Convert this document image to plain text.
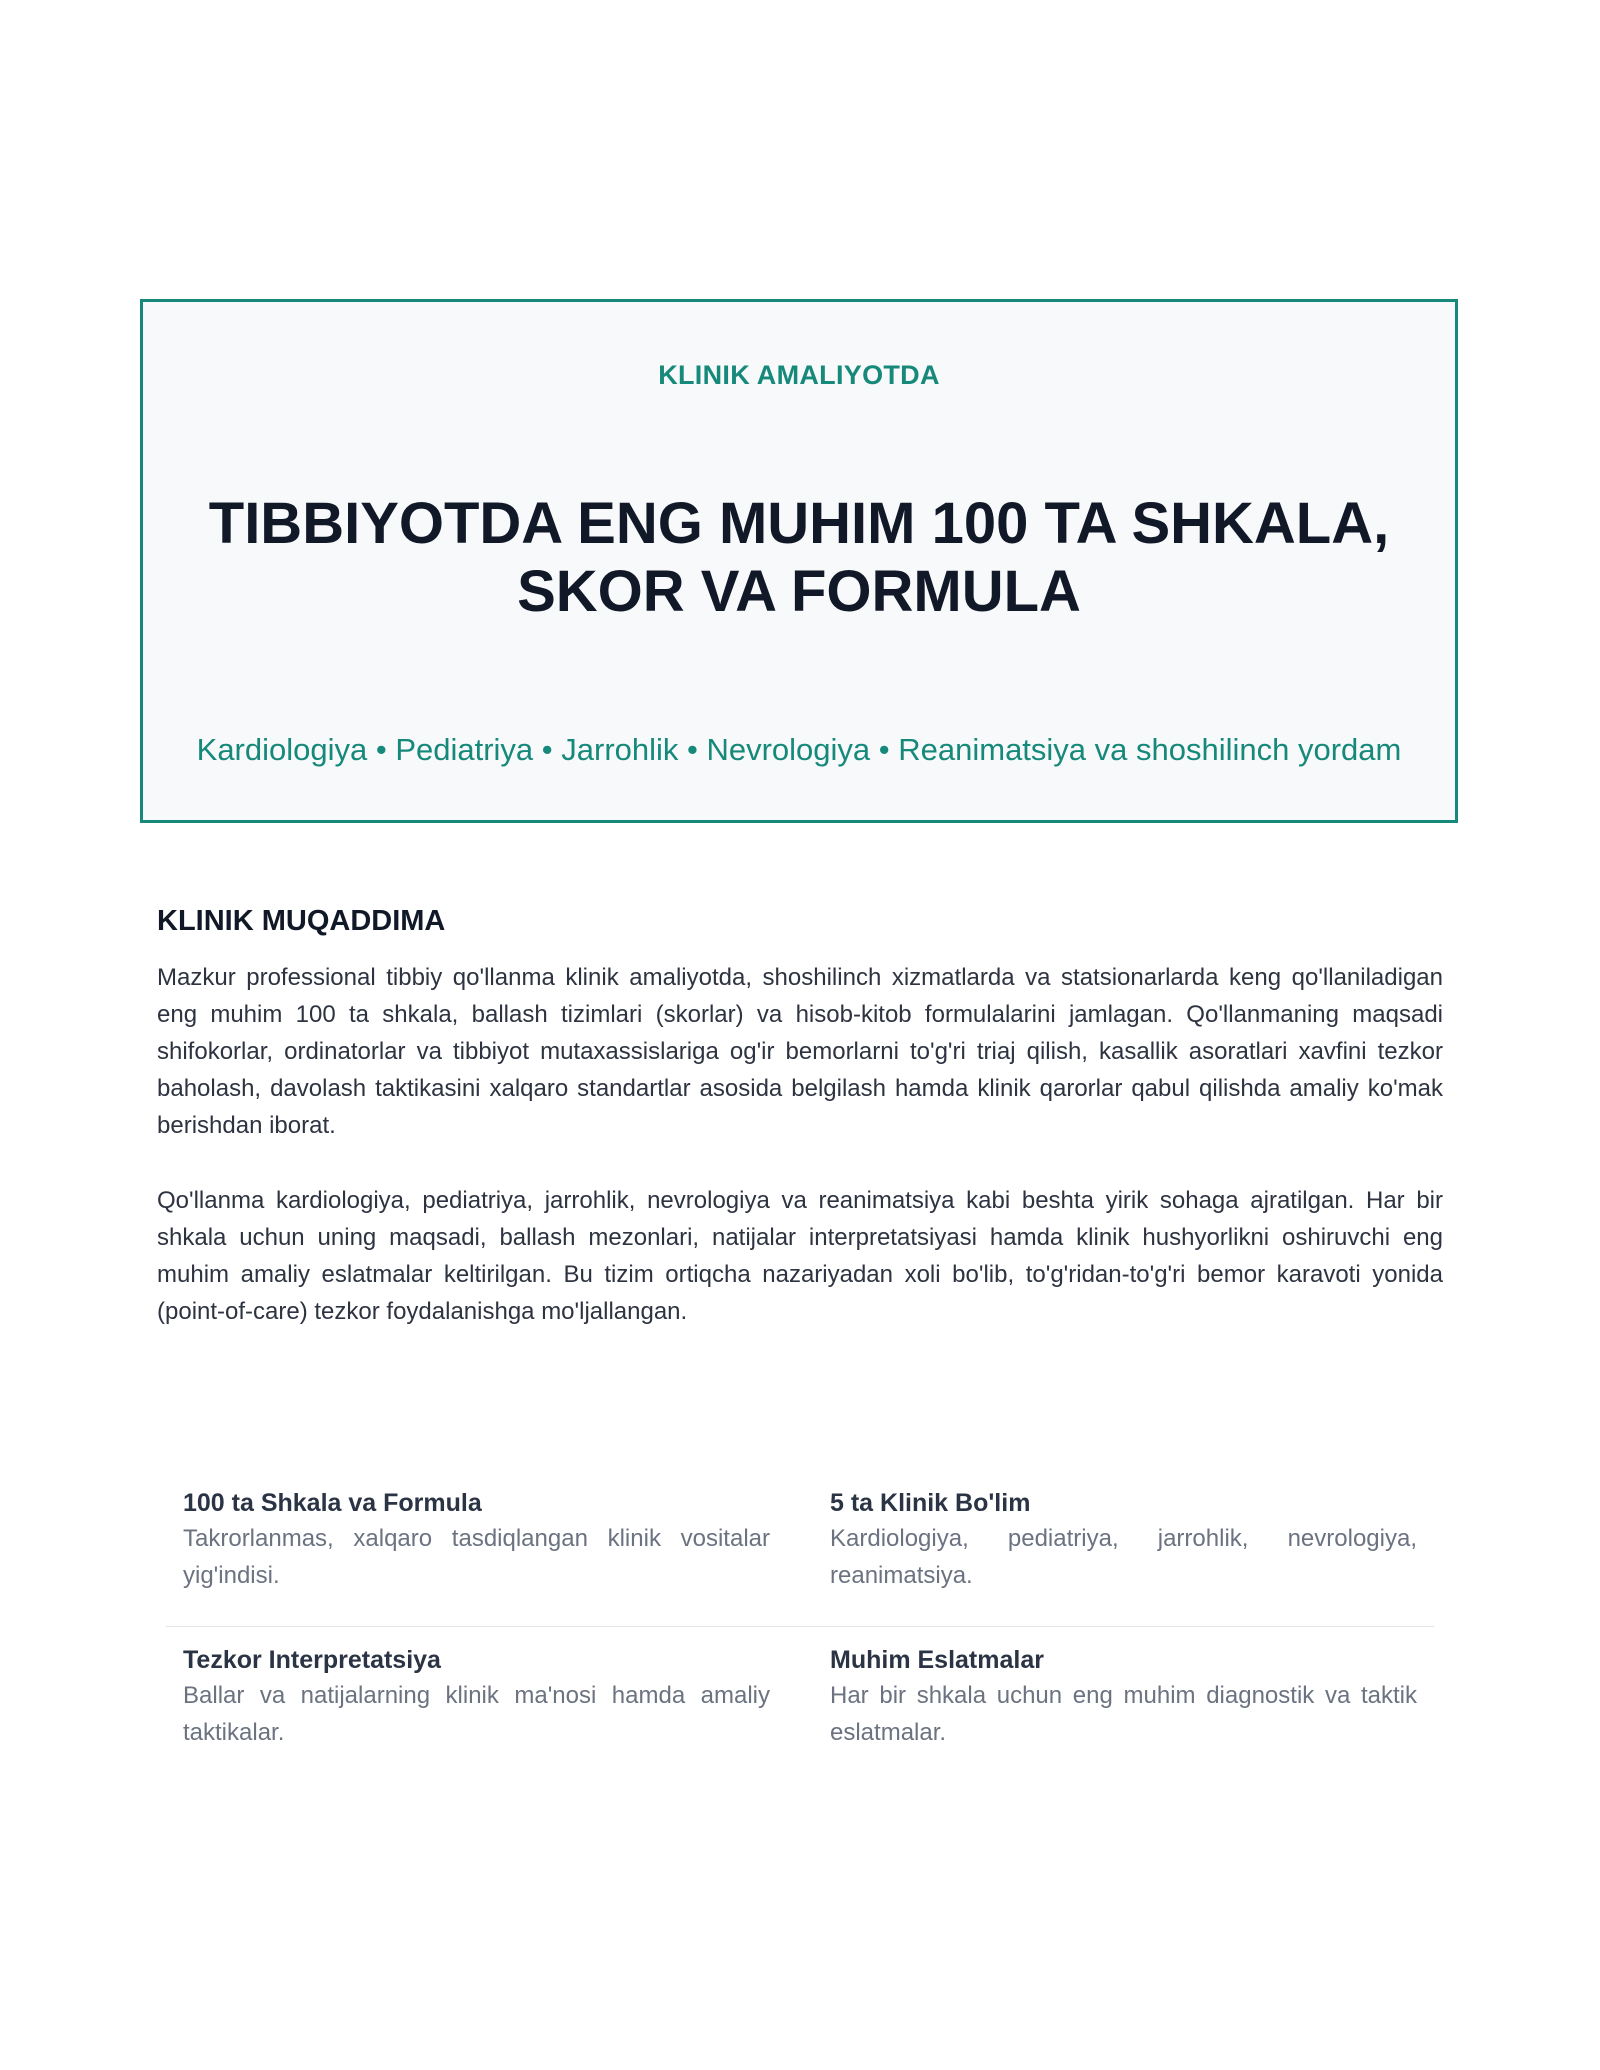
KLINIK AMALIYOTDA
TIBBIYOTDA ENG MUHIM 100 TA SHKALA,
SKOR VA FORMULA
Kardiologiya • Pediatriya • Jarrohlik • Nevrologiya • Reanimatsiya va shoshilinch yordam
KLINIK MUQADDIMA
Mazkur professional tibbiy qo'llanma klinik amaliyotda, shoshilinch xizmatlarda va statsionarlarda keng qo'llaniladigan eng muhim 100 ta shkala, ballash tizimlari (skorlar) va hisob-kitob formulalarini jamlagan. Qo'llanmaning maqsadi shifokorlar, ordinatorlar va tibbiyot mutaxassislariga og'ir bemorlarni to'g'ri triaj qilish, kasallik asoratlari xavfini tezkor baholash, davolash taktikasini xalqaro standartlar asosida belgilash hamda klinik qarorlar qabul qilishda amaliy ko'mak berishdan iborat.
Qo'llanma kardiologiya, pediatriya, jarrohlik, nevrologiya va reanimatsiya kabi beshta yirik sohaga ajratilgan. Har bir shkala uchun uning maqsadi, ballash mezonlari, natijalar interpretatsiyasi hamda klinik hushyorlikni oshiruvchi eng muhim amaliy eslatmalar keltirilgan. Bu tizim ortiqcha nazariyadan xoli bo'lib, to'g'ridan-to'g'ri bemor karavoti yonida (point-of-care) tezkor foydalanishga mo'ljallangan.
100 ta Shkala va Formula
Takrorlanmas, xalqaro tasdiqlangan klinik vositalar yig'indisi.
5 ta Klinik Bo'lim
Kardiologiya, pediatriya, jarrohlik, nevrologiya, reanimatsiya.
Tezkor Interpretatsiya
Ballar va natijalarning klinik ma'nosi hamda amaliy taktikalar.
Muhim Eslatmalar
Har bir shkala uchun eng muhim diagnostik va taktik eslatmalar.
